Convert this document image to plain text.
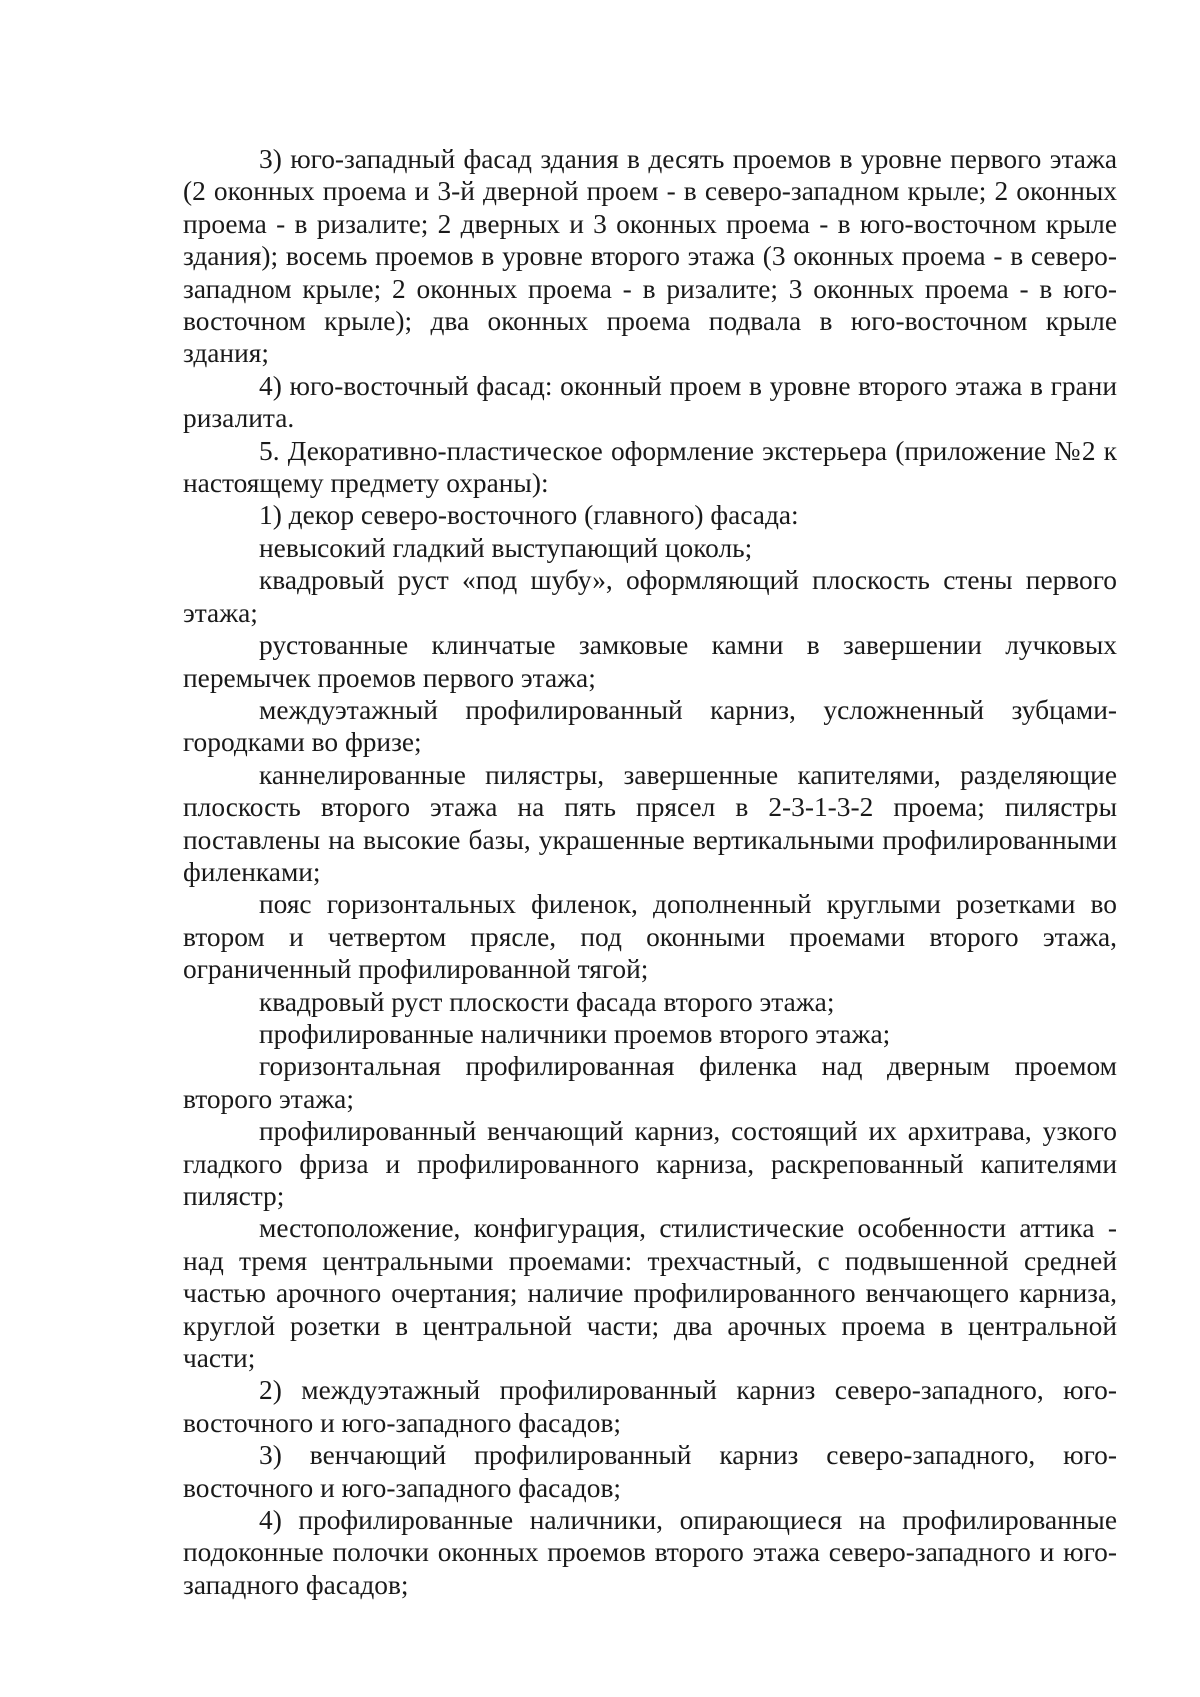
3) юго-западный фасад здания в десять проемов в уровне первого этажа (2 оконных проема и 3-й дверной проем - в северо-западном крыле; 2 оконных проема - в ризалите; 2 дверных и 3 оконных проема - в юго-восточном крыле здания); восемь проемов в уровне второго этажа (3 оконных проема - в северо-западном крыле; 2 оконных проема - в ризалите; 3 оконных проема - в юго-восточном крыле); два оконных проема подвала в юго-восточном крыле здания;

4) юго-восточный фасад: оконный проем в уровне второго этажа в грани ризалита.

5. Декоративно-пластическое оформление экстерьера (приложение №2 к настоящему предмету охраны):

1) декор северо-восточного (главного) фасада:

невысокий гладкий выступающий цоколь;

квадровый руст «под шубу», оформляющий плоскость стены первого этажа;

рустованные клинчатые замковые камни в завершении лучковых перемычек проемов первого этажа;

междуэтажный профилированный карниз, усложненный зубцами-городками во фризе;

каннелированные пилястры, завершенные капителями, разделяющие плоскость второго этажа на пять прясел в 2-3-1-3-2 проема; пилястры поставлены на высокие базы, украшенные вертикальными профилированными филенками;

пояс горизонтальных филенок, дополненный круглыми розетками во втором и четвертом прясле, под оконными проемами второго этажа, ограниченный профилированной тягой;

квадровый руст плоскости фасада второго этажа;

профилированные наличники проемов второго этажа;

горизонтальная профилированная филенка над дверным проемом второго этажа;

профилированный венчающий карниз, состоящий их архитрава, узкого гладкого фриза и профилированного карниза, раскрепованный капителями пилястр;

местоположение, конфигурация, стилистические особенности аттика - над тремя центральными проемами: трехчастный, с подвышенной средней частью арочного очертания; наличие профилированного венчающего карниза, круглой розетки в центральной части; два арочных проема в центральной части;

2) междуэтажный профилированный карниз северо-западного, юго-восточного и юго-западного фасадов;

3) венчающий профилированный карниз северо-западного, юго-восточного и юго-западного фасадов;

4) профилированные наличники, опирающиеся на профилированные подоконные полочки оконных проемов второго этажа северо-западного и юго-западного фасадов;
